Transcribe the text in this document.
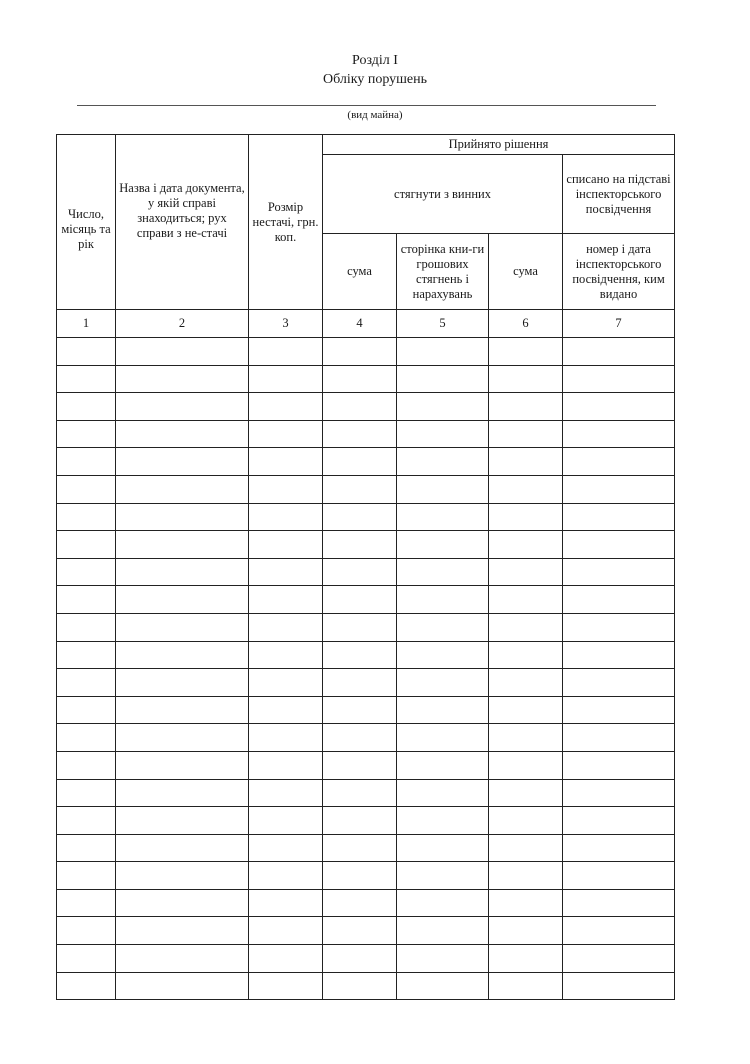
Розділ I
Обліку порушень
(вид майна)
Число, місяць та рік	Назва і дата документа, у якій справі знаходиться; рух справи з не-стачі	Розмір нестачі, грн. коп.	Прийнято рішення			
			стягнути з винних			списано на підставі інспекторського посвідчення
			сума	сторінка кни-ги грошових стягнень і нарахувань	сума	номер і дата інспекторського посвідчення, ким видано
1	2	3	4	5	6	7
